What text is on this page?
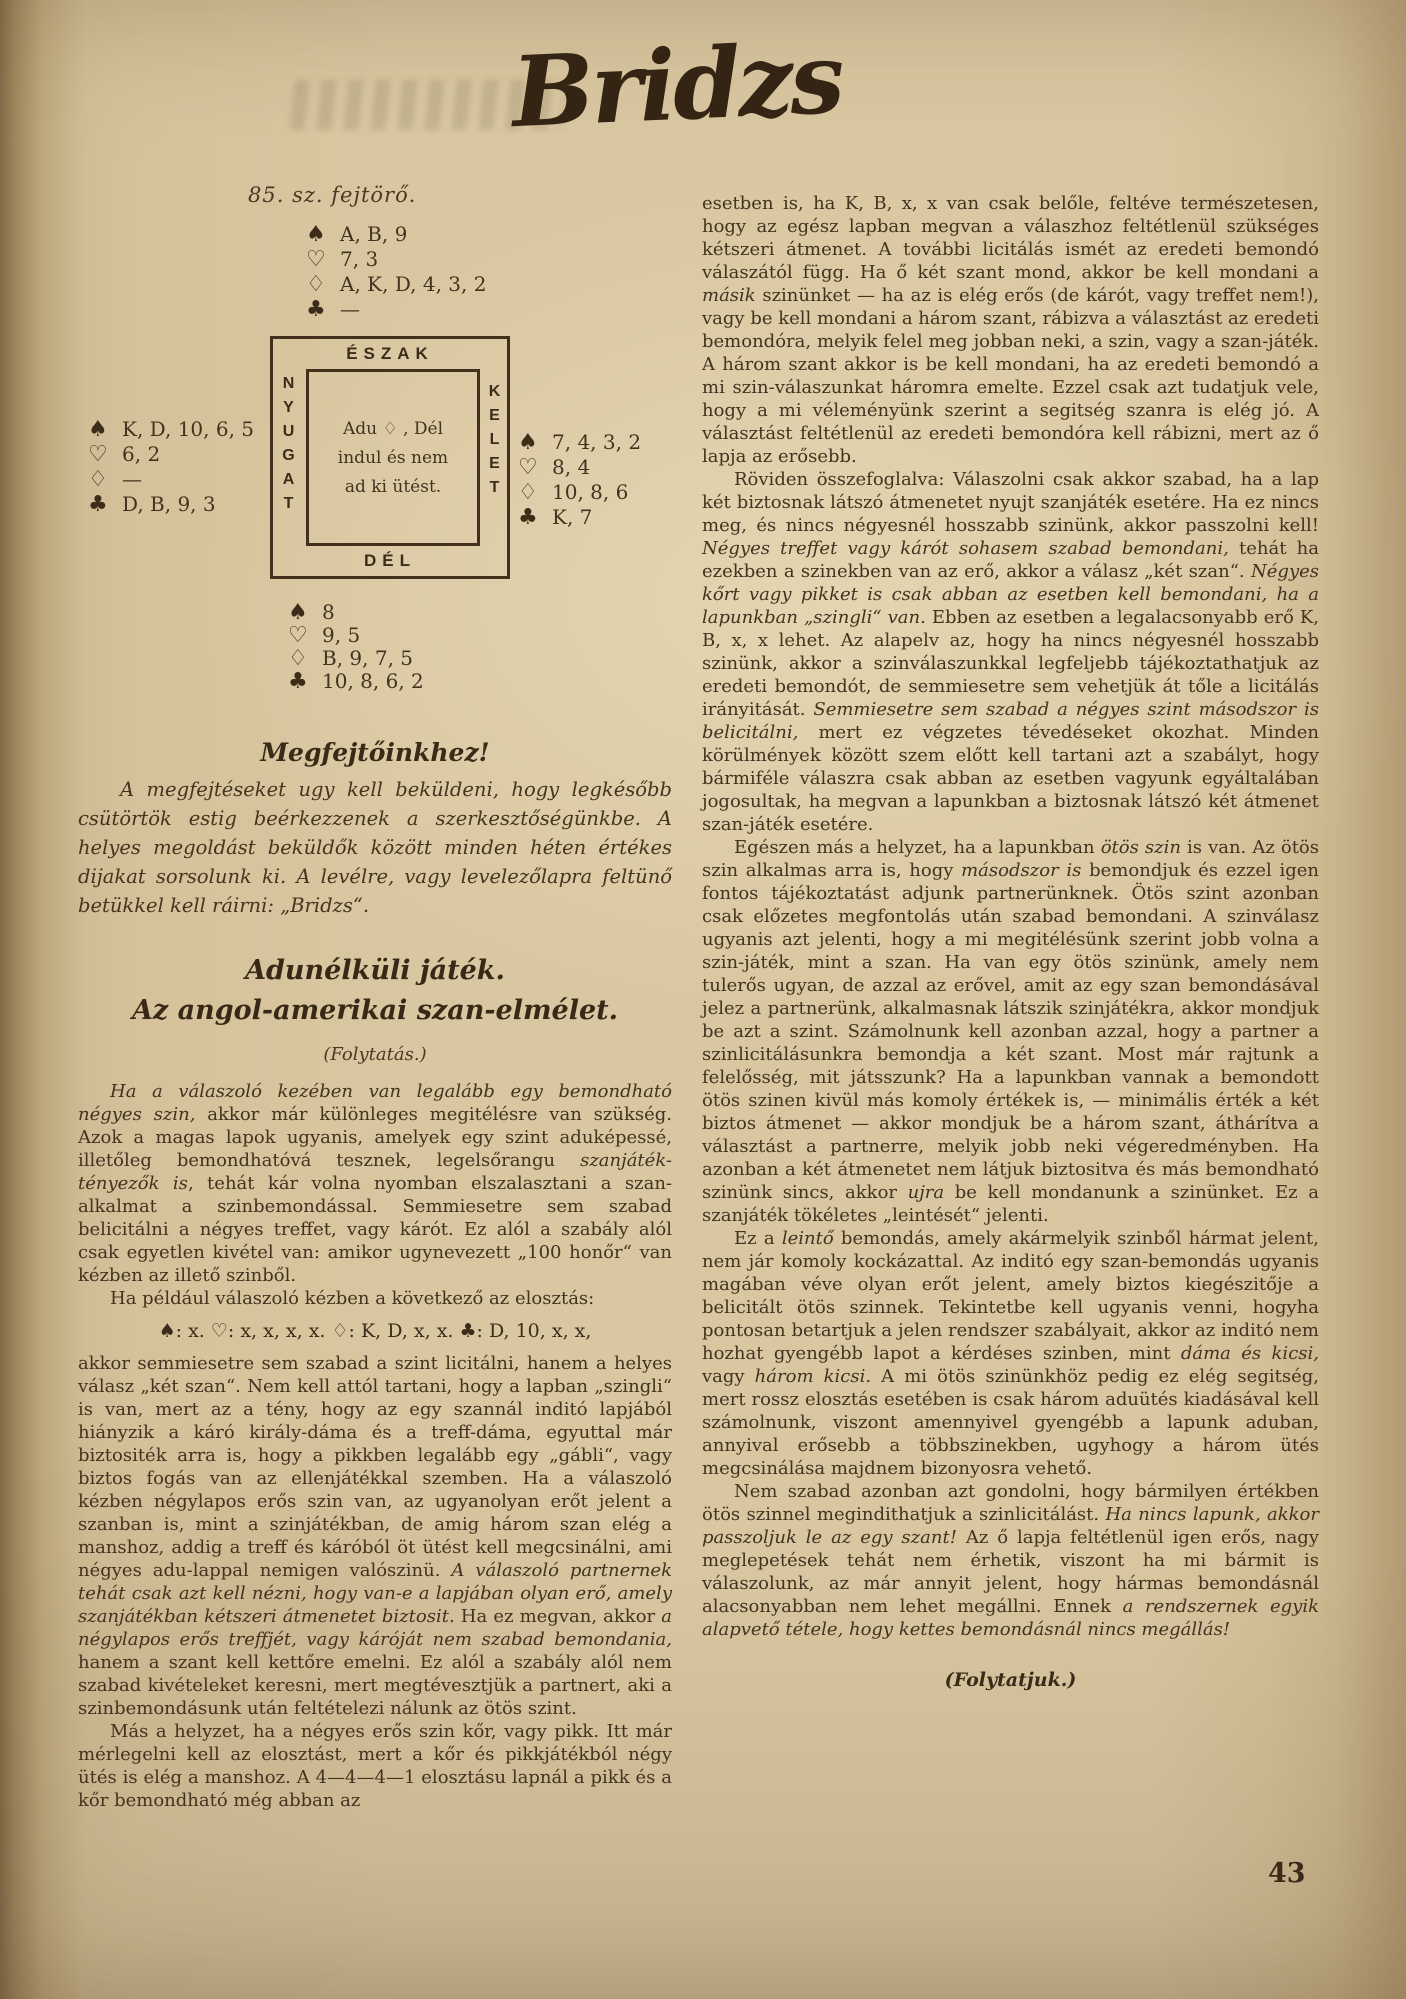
Bridzs
85. sz. fejtörő.
♠ A, B, 9
♡ 7, 3
♢ A, K, D, 4, 3, 2
♣ —
♠ K, D, 10, 6, 5
♡ 6, 2
♢ —
♣ D, B, 9, 3
♠ 7, 4, 3, 2
♡ 8, 4
♢ 10, 8, 6
♣ K, 7
♠ 8
♡ 9, 5
♢ B, 9, 7, 5
♣ 10, 8, 6, 2
ÉSZAK
NYUGAT	KELET
DÉL
Adu ♢ , Dél
indul és nem
ad ki ütést.
Megfejtőinkhez!
A megfejtéseket ugy kell beküldeni, hogy legkésőbb csütörtök estig beérkezzenek a szerkesztőségünkbe. A helyes megoldást beküldők között minden héten értékes dijakat sorsolunk ki. A levélre, vagy levelezőlapra feltünő betükkel kell ráirni: „Bridzs“.
Adunélküli játék.
Az angol-amerikai szan-elmélet.
(Folytatás.)

Ha a válaszoló kezében van legalább egy bemondható négyes szin, akkor már különleges megitélésre van szükség. Azok a magas lapok ugyanis, amelyek egy szint aduképessé, illetőleg bemondhatóvá tesznek, legelsőrangu szanjáték-tényezők is, tehát kár volna nyomban elszalasztani a szan-alkalmat a szinbemondással. Semmiesetre sem szabad belicitálni a négyes treffet, vagy kárót. Ez alól a szabály alól csak egyetlen kivétel van: amikor ugynevezett „100 honőr“ van kézben az illető szinből.

Ha például válaszoló kézben a következő az elosztás:

♠: x. ♡: x, x, x, x. ♢: K, D, x, x. ♣: D, 10, x, x,

akkor semmiesetre sem szabad a szint licitálni, hanem a helyes válasz „két szan“. Nem kell attól tartani, hogy a lapban „szingli“ is van, mert az a tény, hogy az egy szannál inditó lapjából hiányzik a káró király-dáma és a treff-dáma, egyuttal már biztositék arra is, hogy a pikkben legalább egy „gábli“, vagy biztos fogás van az ellenjátékkal szemben. Ha a válaszoló kézben négylapos erős szin van, az ugyanolyan erőt jelent a szanban is, mint a szinjátékban, de amig három szan elég a manshoz, addig a treff és káróból öt ütést kell megcsinálni, ami négyes adu-lappal nemigen valószinü. A válaszoló partnernek tehát csak azt kell nézni, hogy van-e a lapjában olyan erő, amely szanjátékban kétszeri átmenetet biztosit. Ha ez megvan, akkor a négylapos erős treffjét, vagy káróját nem szabad bemondania, hanem a szant kell kettőre emelni. Ez alól a szabály alól nem szabad kivételeket keresni, mert megtévesztjük a partnert, aki a szinbemondásunk után feltételezi nálunk az ötös szint.

Más a helyzet, ha a négyes erős szin kőr, vagy pikk. Itt már mérlegelni kell az elosztást, mert a kőr és pikkjátékból négy ütés is elég a manshoz. A 4—4—4—1 elosztásu lapnál a pikk és a kőr bemondható még abban az

esetben is, ha K, B, x, x van csak belőle, feltéve természetesen, hogy az egész lapban megvan a válaszhoz feltétlenül szükséges kétszeri átmenet. A további licitálás ismét az eredeti bemondó válaszától függ. Ha ő két szant mond, akkor be kell mondani a másik szinünket — ha az is elég erős (de kárót, vagy treffet nem!), vagy be kell mondani a három szant, rábizva a választást az eredeti bemondóra, melyik felel meg jobban neki, a szin, vagy a szan-játék. A három szant akkor is be kell mondani, ha az eredeti bemondó a mi szin-válaszunkat háromra emelte. Ezzel csak azt tudatjuk vele, hogy a mi véleményünk szerint a segitség szanra is elég jó. A választást feltétlenül az eredeti bemondóra kell rábizni, mert az ő lapja az erősebb.

Röviden összefoglalva: Válaszolni csak akkor szabad, ha a lap két biztosnak látszó átmenetet nyujt szanjáték esetére. Ha ez nincs meg, és nincs négyesnél hosszabb szinünk, akkor passzolni kell! Négyes treffet vagy kárót sohasem szabad bemondani, tehát ha ezekben a szinekben van az erő, akkor a válasz „két szan“. Négyes kőrt vagy pikket is csak abban az esetben kell bemondani, ha a lapunkban „szingli“ van. Ebben az esetben a legalacsonyabb erő K, B, x, x lehet. Az alapelv az, hogy ha nincs négyesnél hosszabb szinünk, akkor a szinválaszunkkal legfeljebb tájékoztathatjuk az eredeti bemondót, de semmiesetre sem vehetjük át tőle a licitálás irányitását. Semmiesetre sem szabad a négyes szint másodszor is belicitálni, mert ez végzetes tévedéseket okozhat. Minden körülmények között szem előtt kell tartani azt a szabályt, hogy bármiféle válaszra csak abban az esetben vagyunk egyáltalában jogosultak, ha megvan a lapunkban a biztosnak látszó két átmenet szan-játék esetére.

Egészen más a helyzet, ha a lapunkban ötös szin is van. Az ötös szin alkalmas arra is, hogy másodszor is bemondjuk és ezzel igen fontos tájékoztatást adjunk partnerünknek. Ötös szint azonban csak előzetes megfontolás után szabad bemondani. A szinválasz ugyanis azt jelenti, hogy a mi megitélésünk szerint jobb volna a szin-játék, mint a szan. Ha van egy ötös szinünk, amely nem tulerős ugyan, de azzal az erővel, amit az egy szan bemondásával jelez a partnerünk, alkalmasnak látszik szinjátékra, akkor mondjuk be azt a szint. Számolnunk kell azonban azzal, hogy a partner a szinlicitálásunkra bemondja a két szant. Most már rajtunk a felelősség, mit játsszunk? Ha a lapunkban vannak a bemondott ötös szinen kivül más komoly értékek is, — minimális érték a két biztos átmenet — akkor mondjuk be a három szant, áthárítva a választást a partnerre, melyik jobb neki végeredményben. Ha azonban a két átmenetet nem látjuk biztositva és más bemondható szinünk sincs, akkor ujra be kell mondanunk a szinünket. Ez a szanjáték tökéletes „leintését“ jelenti.

Ez a leintő bemondás, amely akármelyik szinből hármat jelent, nem jár komoly kockázattal. Az inditó egy szan-bemondás ugyanis magában véve olyan erőt jelent, amely biztos kiegészitője a belicitált ötös szinnek. Tekintetbe kell ugyanis venni, hogyha pontosan betartjuk a jelen rendszer szabályait, akkor az inditó nem hozhat gyengébb lapot a kérdéses szinben, mint dáma és kicsi, vagy három kicsi. A mi ötös szinünkhöz pedig ez elég segitség, mert rossz elosztás esetében is csak három aduütés kiadásával kell számolnunk, viszont amennyivel gyengébb a lapunk aduban, annyival erősebb a többszinekben, ugyhogy a három ütés megcsinálása majdnem bizonyosra vehető.

Nem szabad azonban azt gondolni, hogy bármilyen értékben ötös szinnel megindithatjuk a szinlicitálást. Ha nincs lapunk, akkor passzoljuk le az egy szant! Az ő lapja feltétlenül igen erős, nagy meglepetések tehát nem érhetik, viszont ha mi bármit is válaszolunk, az már annyit jelent, hogy hármas bemondásnál alacsonyabban nem lehet megállni. Ennek a rendszernek egyik alapvető tétele, hogy kettes bemondásnál nincs megállás!

(Folytatjuk.)
43
